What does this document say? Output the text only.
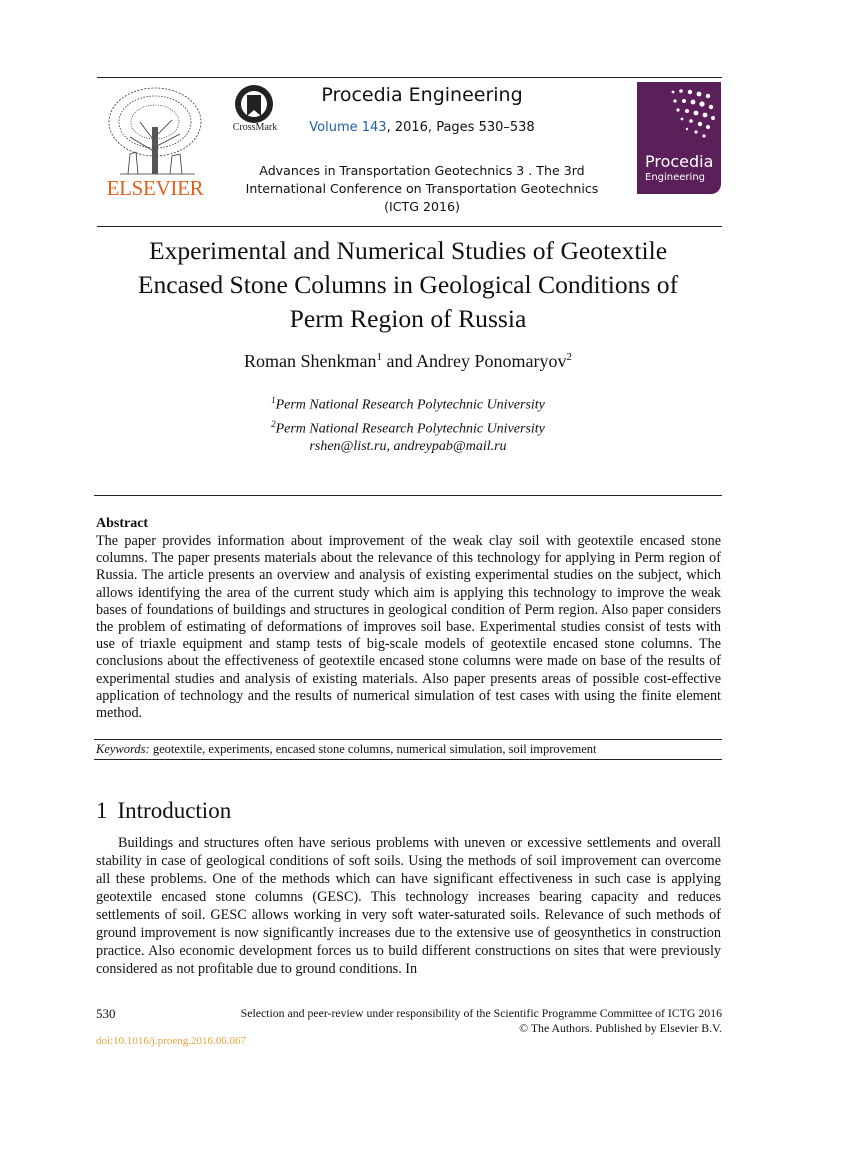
ELSEVIER
CrossMark
Procedia Engineering
Volume 143, 2016, Pages 530–538
Advances in Transportation Geotechnics 3 . The 3rd
International Conference on Transportation Geotechnics
(ICTG 2016)
Procedia
Engineering
Experimental and Numerical Studies of Geotextile
Encased Stone Columns in Geological Conditions of
Perm Region of Russia
Roman Shenkman$^1$ and Andrey Ponomaryov$^2$
$^1$Perm National Research Polytechnic University
$^2$Perm National Research Polytechnic University
rshen@list.ru, andreypab@mail.ru
Abstract
The paper provides information about improvement of the weak clay soil with geotextile encased stone columns. The paper presents materials about the relevance of this technology for applying in Perm region of Russia. The article presents an overview and analysis of existing experimental studies on the subject, which allows identifying the area of the current study which aim is applying this technology to improve the weak bases of foundations of buildings and structures in geological condition of Perm region. Also paper considers the problem of estimating of deformations of improves soil base. Experimental studies consist of tests with use of triaxle equipment and stamp tests of big-scale models of geotextile encased stone columns. The conclusions about the effectiveness of geotextile encased stone columns were made on base of the results of experimental studies and analysis of existing materials. Also paper presents areas of possible cost-effective application of technology and the results of numerical simulation of test cases with using the finite element method.
Keywords: geotextile, experiments, encased stone columns, numerical simulation, soil improvement
1 Introduction
Buildings and structures often have serious problems with uneven or excessive settlements and overall stability in case of geological conditions of soft soils. Using the methods of soil improvement can overcome all these problems. One of the methods which can have significant effectiveness in such case is applying geotextile encased stone columns (GESC). This technology increases bearing capacity and reduces settlements of soil. GESC allows working in very soft water-saturated soils. Relevance of such methods of ground improvement is now significantly increases due to the extensive use of geosynthetics in construction practice. Also economic development forces us to build different constructions on sites that were previously considered as not profitable due to ground conditions. In
530	Selection and peer-review under responsibility of the Scientific Programme Committee of ICTG 2016
© The Authors. Published by Elsevier B.V.
doi:10.1016/j.proeng.2016.06.067
